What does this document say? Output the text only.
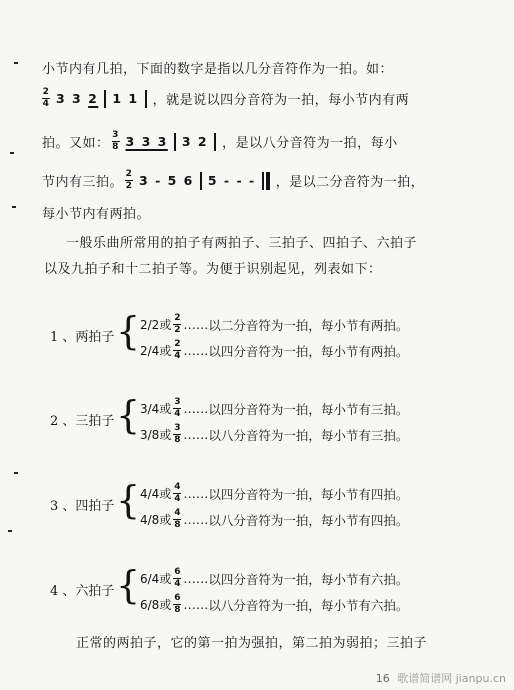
小节内有几拍，下面的数字是指以几分音符作为一拍。如：
$\frac{2}{4} 3$ 3 2 1 1 ，就是说以四分音符为一拍，每小节内有两
拍。又如： $\frac{3}{8} 3$ 3 3 3 2 ，是以八分音符为一拍，每小
节内有三拍。 $\frac{2}{2} 3 - 5$ 6 5 - - - ，是以二分音符为一拍，
每小节内有两拍。
一般乐曲所常用的拍子有两拍子、三拍子、四拍子、六拍子
以及九拍子和十二拍子等。为便于识别起见，列表如下：
1 、两拍子 { 2/2或 $\frac{2}{2}$ …… 以二分音符为一拍，每小节有两拍。
2/4或 $\frac{2}{4}$ …… 以四分音符为一拍，每小节有两拍。
2 、三拍子 { 3/4或 $\frac{3}{4}$ …… 以四分音符为一拍，每小节有三拍。
3/8或 $\frac{3}{8}$ …… 以八分音符为一拍，每小节有三拍。
3 、四拍子 { 4/4或 $\frac{4}{4}$ …… 以四分音符为一拍，每小节有四拍。
4/8或 $\frac{4}{8}$ …… 以八分音符为一拍，每小节有四拍。
4 、六拍子 { 6/4或 $\frac{6}{4}$ …… 以四分音符为一拍，每小节有六拍。
6/8或 $\frac{6}{8}$ …… 以八分音符为一拍，每小节有六拍。
正常的两拍子，它的第一拍为强拍，第二拍为弱拍；三拍子
16 歌谱简谱网 jianpu.cn
